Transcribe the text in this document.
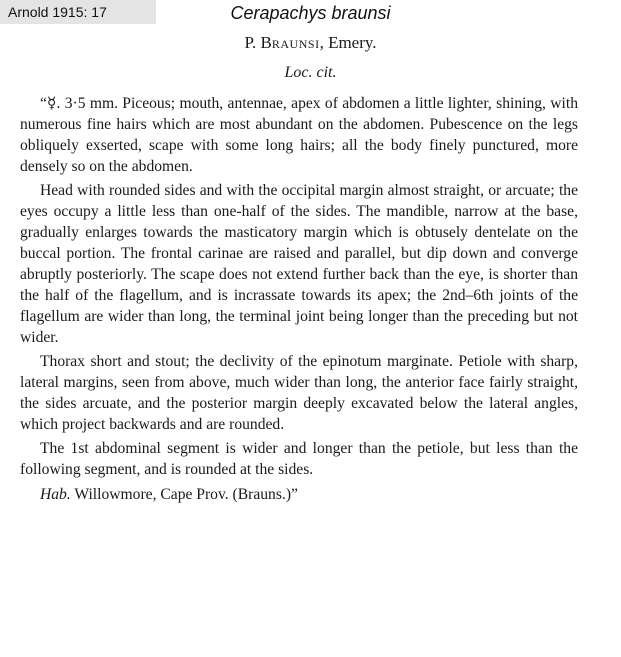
Arnold 1915: 17	Cerapachys braunsi
P. Braunsi, Emery.
Loc. cit.

“☿. 3·5 mm. Piceous; mouth, antennae, apex of abdomen a little lighter, shining, with numerous fine hairs which are most abundant on the abdomen. Pubescence on the legs obliquely exserted, scape with some long hairs; all the body finely punctured, more densely so on the abdomen.

Head with rounded sides and with the occipital margin almost straight, or arcuate; the eyes occupy a little less than one-half of the sides. The mandible, narrow at the base, gradually enlarges towards the masticatory margin which is obtusely dentelate on the buccal portion. The frontal carinae are raised and parallel, but dip down and converge abruptly posteriorly. The scape does not extend further back than the eye, is shorter than the half of the flagellum, and is incrassate towards its apex; the 2nd–6th joints of the flagellum are wider than long, the terminal joint being longer than the preceding but not wider.

Thorax short and stout; the declivity of the epinotum marginate. Petiole with sharp, lateral margins, seen from above, much wider than long, the anterior face fairly straight, the sides arcuate, and the posterior margin deeply excavated below the lateral angles, which project backwards and are rounded.

The 1st abdominal segment is wider and longer than the petiole, but less than the following segment, and is rounded at the sides.

Hab. Willowmore, Cape Prov. (Brauns.)”
